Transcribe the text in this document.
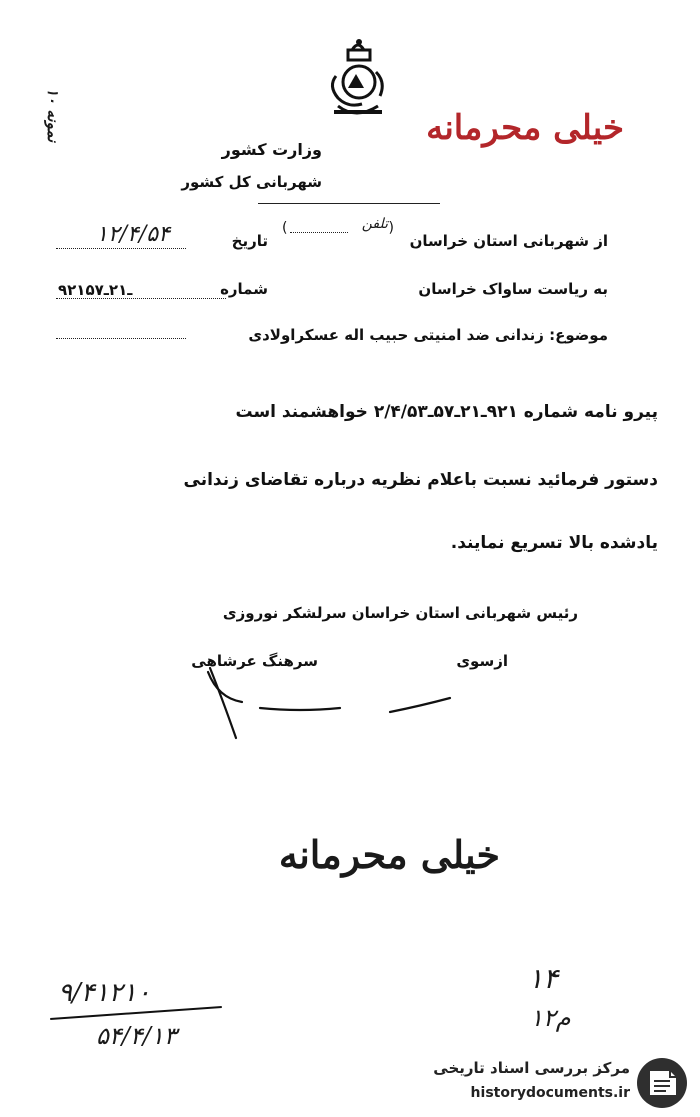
نمونه ۱۰	خیلی محرمانه
وزارت کشور
شهربانی کل کشور
از شهربانی استان خراسان
تلفن
(	)
تاریخ
۱۲/۴/۵۴
به ریاست ساواک خراسان
شماره
۹۲۱ـ۲۱ـ۵۷
موضوع: زندانی ضد امنیتی حبیب اله عسکراولادی
پیرو نامه شماره ۹۲۱ـ۲۱ـ۵۷ـ۲/۴/۵۳ خواهشمند است
دستور فرمائید نسبت باعلام نظریه درباره تقاضای زندانی
یادشده بالا تسریع نمایند.
رئیس شهربانی استان خراسان سرلشکر نوروزی
ازسوی
سرهنگ عرشاهی
خیلی محرمانه
۹/۴۱۲۱۰
۵۴/۴/۱۳
۱۴
۱۲م
مرکز بررسی اسناد تاریخی
historydocuments.ir
